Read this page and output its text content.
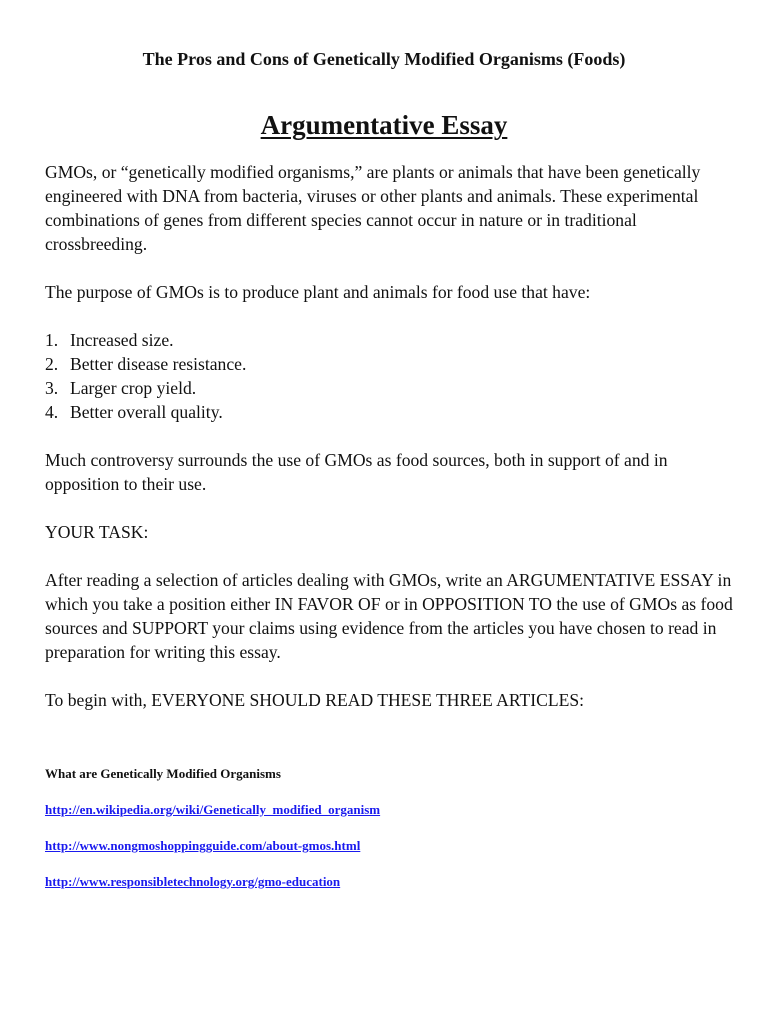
The Pros and Cons of Genetically Modified Organisms (Foods)
Argumentative Essay

GMOs, or “genetically modified organisms,” are plants or animals that have been genetically engineered with DNA from bacteria, viruses or other plants and animals. These experimental combinations of genes from different species cannot occur in nature or in traditional crossbreeding.

The purpose of GMOs is to produce plant and animals for food use that have:

1. Increased size.
2. Better disease resistance.
3. Larger crop yield.
4. Better overall quality.

Much controversy surrounds the use of GMOs as food sources, both in support of and in opposition to their use.

YOUR TASK:

After reading a selection of articles dealing with GMOs, write an ARGUMENTATIVE ESSAY in which you take a position either IN FAVOR OF or in OPPOSITION TO the use of GMOs as food sources and SUPPORT your claims using evidence from the articles you have chosen to read in preparation for writing this essay.

To begin with, EVERYONE SHOULD READ THESE THREE ARTICLES:

What are Genetically Modified Organisms
http://en.wikipedia.org/wiki/Genetically_modified_organism
http://www.nongmoshoppingguide.com/about-gmos.html
http://www.responsibletechnology.org/gmo-education
